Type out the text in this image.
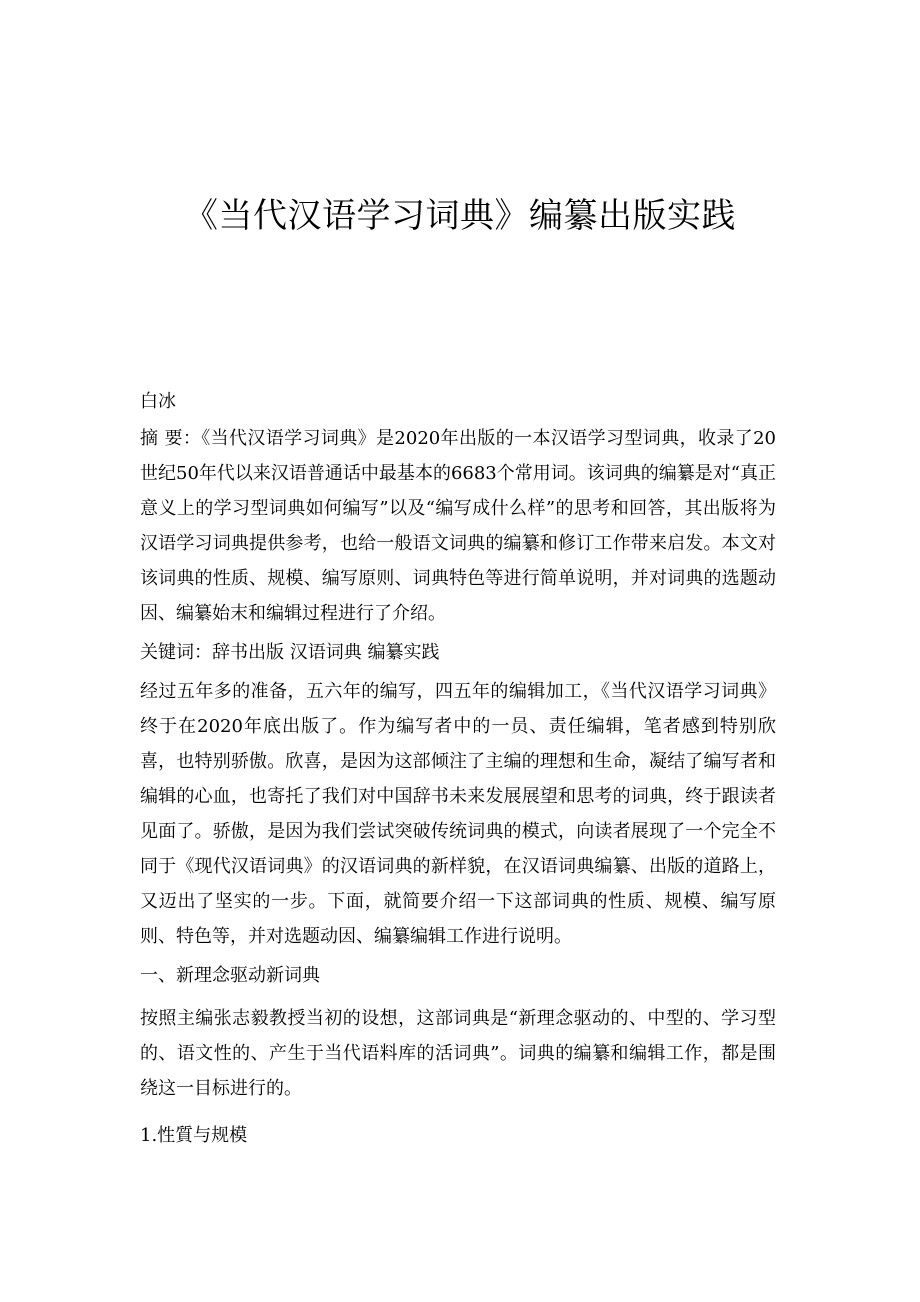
《当代汉语学习词典》编纂出版实践

白冰

摘 要：《当代汉语学习词典》是2020年出版的一本汉语学习型词典，收录了20世纪50年代以来汉语普通话中最基本的6683个常用词。该词典的编纂是对“真正意义上的学习型词典如何编写”以及“编写成什么样”的思考和回答，其出版将为汉语学习词典提供参考，也给一般语文词典的编纂和修订工作带来启发。本文对该词典的性质、规模、编写原则、词典特色等进行简单说明，并对词典的选题动因、编纂始末和编辑过程进行了介绍。

关键词：辞书出版 汉语词典 编纂实践

经过五年多的准备，五六年的编写，四五年的编辑加工，《当代汉语学习词典》终于在2020年底出版了。作为编写者中的一员、责任编辑，笔者感到特别欣喜，也特别骄傲。欣喜，是因为这部倾注了主编的理想和生命，凝结了编写者和编辑的心血，也寄托了我们对中国辞书未来发展展望和思考的词典，终于跟读者见面了。骄傲，是因为我们尝试突破传统词典的模式，向读者展现了一个完全不同于《现代汉语词典》的汉语词典的新样貌，在汉语词典编纂、出版的道路上，又迈出了坚实的一步。下面，就简要介绍一下这部词典的性质、规模、编写原则、特色等，并对选题动因、编纂编辑工作进行说明。

一、新理念驱动新词典

按照主编张志毅教授当初的设想，这部词典是“新理念驱动的、中型的、学习型的、语文性的、产生于当代语料库的活词典”。词典的编纂和编辑工作，都是围绕这一目标进行的。

1.性質与规模
